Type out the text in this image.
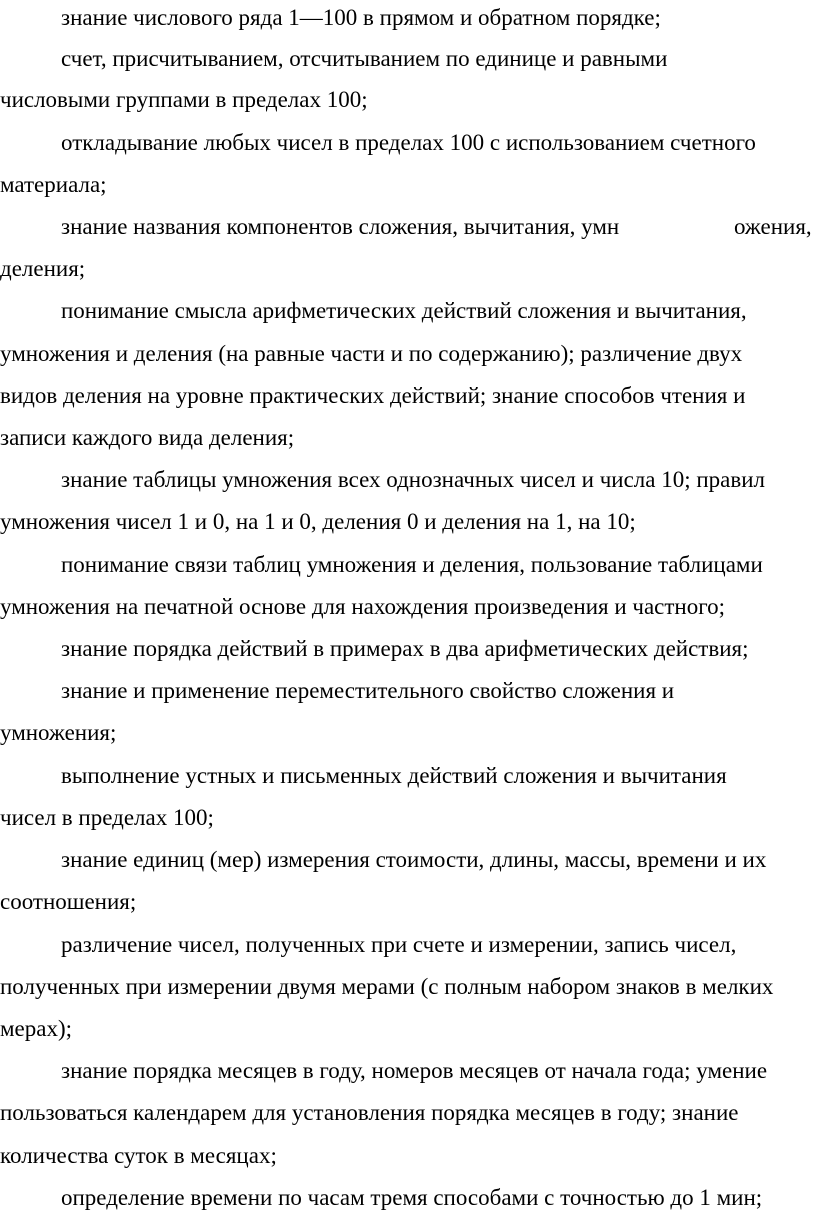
знание числового ряда 1—100 в прямом и обратном порядке;
счет, присчитыванием, отсчитыванием по единице и равными
числовыми группами в пределах 100;
откладывание любых чисел в пределах 100 с использованием счетного
материала;
знание названия компонентов сложения, вычитания, умн	ожения,
деления;
понимание смысла арифметических действий сложения и вычитания,
умножения и деления (на равные части и по содержанию); различение двух
видов деления на уровне практических действий; знание способов чтения и
записи каждого вида деления;
знание таблицы умножения всех однозначных чисел и числа 10; правил
умножения чисел 1 и 0, на 1 и 0, деления 0 и деления на 1, на 10;
понимание связи таблиц умножения и деления, пользование таблицами
умножения на печатной основе для нахождения произведения и частного;
знание порядка действий в примерах в два арифметических действия;
знание и применение переместительного свойство сложения и
умножения;
выполнение устных и письменных действий сложения и вычитания
чисел в пределах 100;
знание единиц (мер) измерения стоимости, длины, массы, времени и их
соотношения;
различение чисел, полученных при счете и измерении, запись чисел,
полученных при измерении двумя мерами (с полным набором знаков в мелких
мерах);
знание порядка месяцев в году, номеров месяцев от начала года; умение
пользоваться календарем для установления порядка месяцев в году; знание
количества суток в месяцах;
определение времени по часам тремя способами с точностью до 1 мин;
